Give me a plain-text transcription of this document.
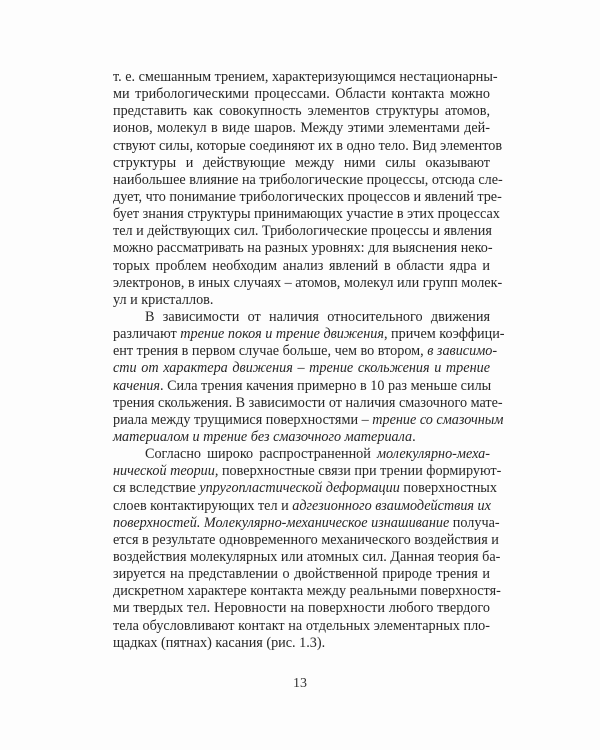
т. е. смешанным трением, характеризующимся нестационарны-
ми трибологическими процессами. Области контакта можно
представить как совокупность элементов структуры атомов,
ионов, молекул в виде шаров. Между этими элементами дей-
ствуют силы, которые соединяют их в одно тело. Вид элементов
структуры и действующие между ними силы оказывают
наибольшее влияние на трибологические процессы, отсюда сле-
дует, что понимание трибологических процессов и явлений тре-
бует знания структуры принимающих участие в этих процессах
тел и действующих сил. Трибологические процессы и явления
можно рассматривать на разных уровнях: для выяснения неко-
торых проблем необходим анализ явлений в области ядра и
электронов, в иных случаях – атомов, молекул или групп молек-
ул и кристаллов.
В зависимости от наличия относительного движения
различают трение покоя и трение движения, причем коэффици-
ент трения в первом случае больше, чем во втором, в зависимо-
сти от характера движения – трение скольжения и трение
качения. Сила трения качения примерно в 10 раз меньше силы
трения скольжения. В зависимости от наличия смазочного мате-
риала между трущимися поверхностями – трение со смазочным
материалом и трение без смазочного материала.
Согласно широко распространенной молекулярно-меха-
нической теории, поверхностные связи при трении формируют-
ся вследствие упругопластической деформации поверхностных
слоев контактирующих тел и адгезионного взаимодействия их
поверхностей. Молекулярно-механическое изнашивание получа-
ется в результате одновременного механического воздействия и
воздействия молекулярных или атомных сил. Данная теория ба-
зируется на представлении о двойственной природе трения и
дискретном характере контакта между реальными поверхностя-
ми твердых тел. Неровности на поверхности любого твердого
тела обусловливают контакт на отдельных элементарных пло-
щадках (пятнах) касания (рис. 1.3).
13
